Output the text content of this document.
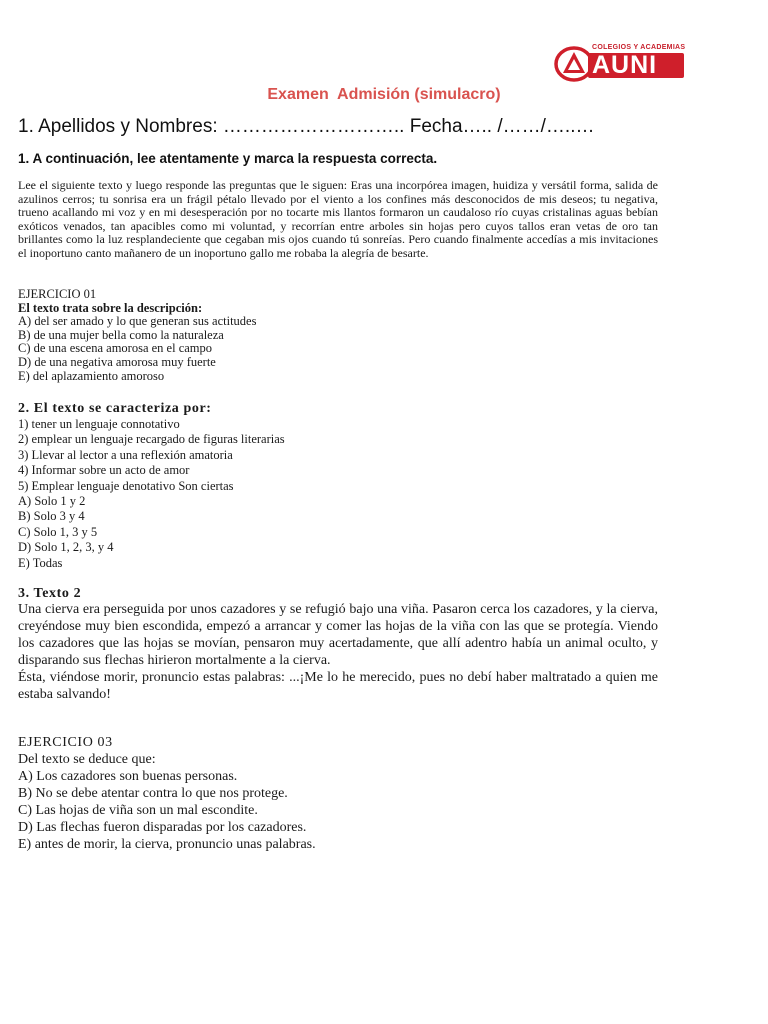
COLEGIOS Y ACADEMIAS
AUNI
Examen  Admisión (simulacro)
1. Apellidos y Nombres: ……………………….. Fecha….. /……/…..…
1. A continuación, lee atentamente y marca la respuesta correcta.

Lee el siguiente texto y luego responde las preguntas que le siguen: Eras una incorpórea imagen, huidiza y versátil forma, salida de azulinos cerros; tu sonrisa era un frágil pétalo llevado por el viento a los confines más desconocidos de mis deseos; tu negativa, trueno acallando mi voz y en mi desesperación por no tocarte mis llantos formaron un caudaloso río cuyas cristalinas aguas bebían exóticos venados, tan apacibles como mi voluntad, y recorrían entre arboles sin hojas pero cuyos tallos eran vetas de oro tan brillantes como la luz resplandeciente que cegaban mis ojos cuando tú sonreías. Pero cuando finalmente accedías a mis invitaciones el inoportuno canto mañanero de un inoportuno gallo me robaba la alegría de besarte.

EJERCICIO 01
El texto trata sobre la descripción:
A) del ser amado y lo que generan sus actitudes
B) de una mujer bella como la naturaleza
C) de una escena amorosa en el campo
D) de una negativa amorosa muy fuerte
E) del aplazamiento amoroso
2. El texto se caracteriza por:
1) tener un lenguaje connotativo
2) emplear un lenguaje recargado de figuras literarias
3) Llevar al lector a una reflexión amatoria
4) Informar sobre un acto de amor
5) Emplear lenguaje denotativo Son ciertas
A) Solo 1 y 2
B) Solo 3 y 4
C) Solo 1, 3 y 5
D) Solo 1, 2, 3, y 4
E) Todas
3. Texto 2
Una cierva era perseguida por unos cazadores y se refugió bajo una viña. Pasaron cerca los cazadores, y la cierva, creyéndose muy bien escondida, empezó a arrancar y comer las hojas de la viña con las que se protegía. Viendo los cazadores que las hojas se movían, pensaron muy acertadamente, que allí adentro había un animal oculto, y disparando sus flechas hirieron mortalmente a la cierva.
Ésta, viéndose morir, pronuncio estas palabras: ...¡Me lo he merecido, pues no debí haber maltratado a quien me estaba salvando!
EJERCICIO 03
Del texto se deduce que:
A) Los cazadores son buenas personas.
B) No se debe atentar contra lo que nos protege.
C) Las hojas de viña son un mal escondite.
D) Las flechas fueron disparadas por los cazadores.
E) antes de morir, la cierva, pronuncio unas palabras.
